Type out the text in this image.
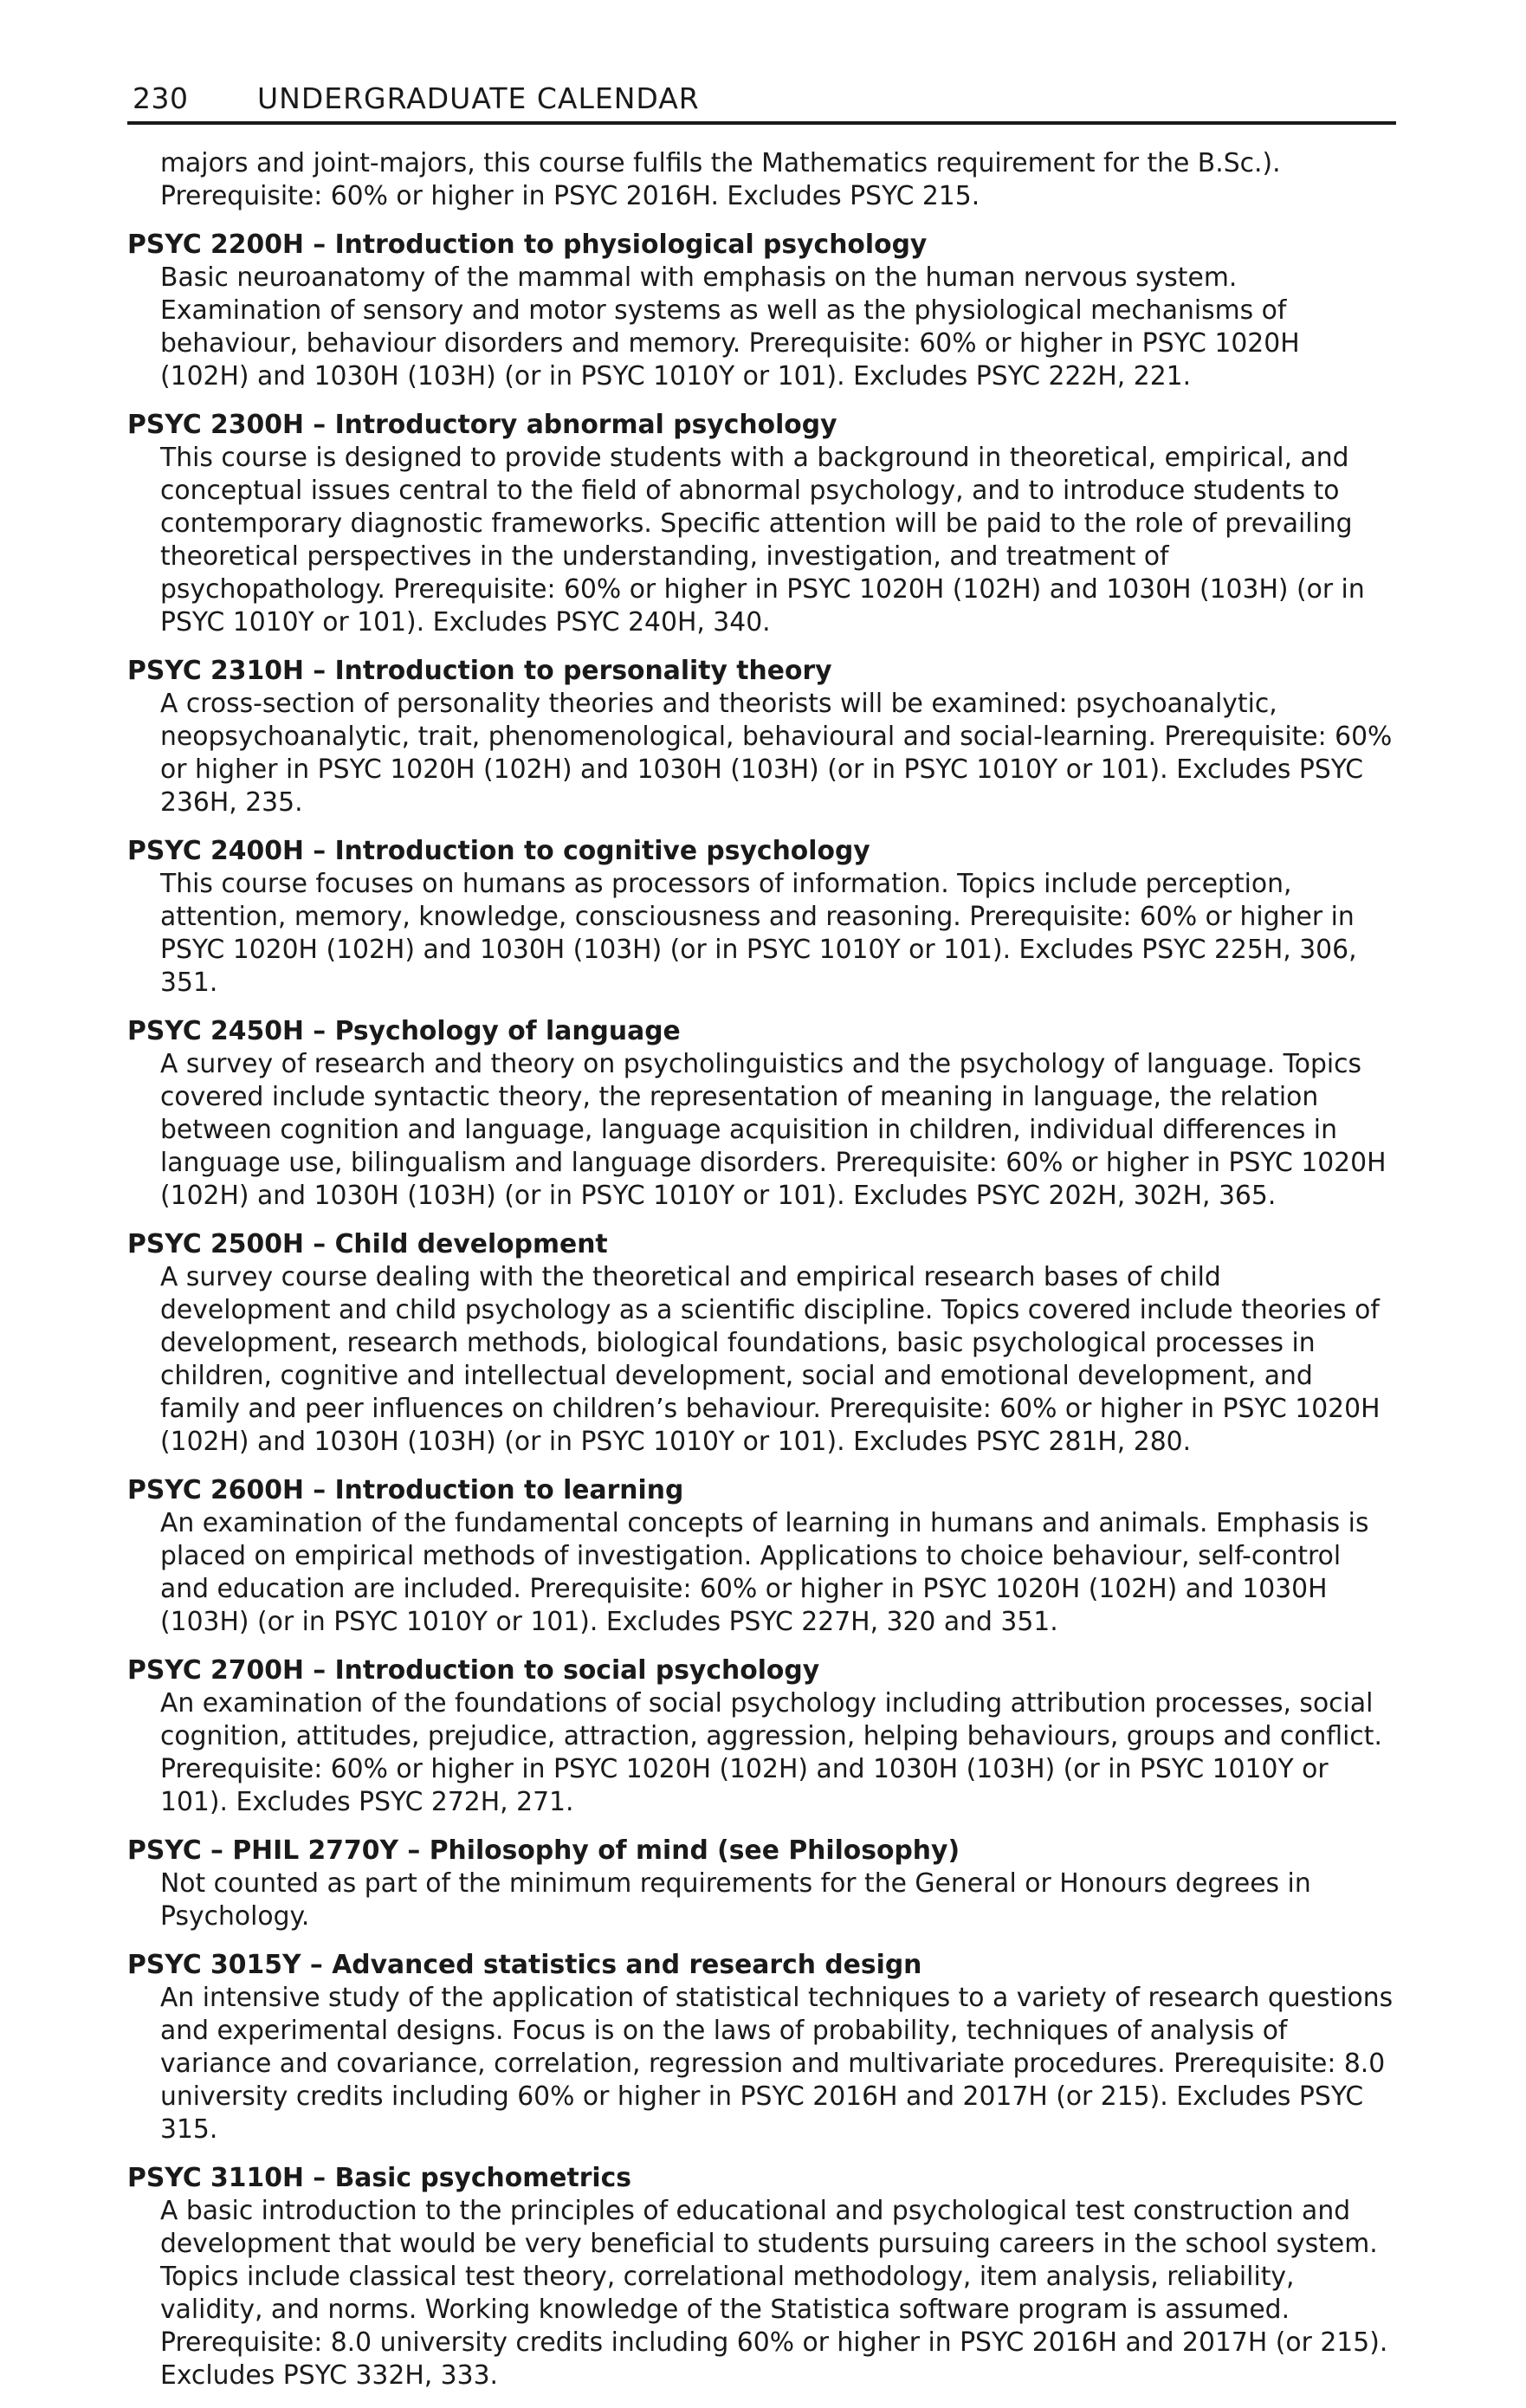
230 UNDERGRADUATE CALENDAR

majors and joint-majors, this course fulfils the Mathematics requirement for the B.Sc.). Prerequisite: 60% or higher in PSYC 2016H. Excludes PSYC 215.

PSYC 2200H – Introduction to physiological psychology

Basic neuroanatomy of the mammal with emphasis on the human nervous system. Examination of sensory and motor systems as well as the physiological mechanisms of behaviour, behaviour disorders and memory. Prerequisite: 60% or higher in PSYC 1020H (102H) and 1030H (103H) (or in PSYC 1010Y or 101). Excludes PSYC 222H, 221.

PSYC 2300H – Introductory abnormal psychology

This course is designed to provide students with a background in theoretical, empirical, and conceptual issues central to the field of abnormal psychology, and to introduce students to contemporary diagnostic frameworks. Specific attention will be paid to the role of prevailing theoretical perspectives in the understanding, investigation, and treatment of psychopathology. Prerequisite: 60% or higher in PSYC 1020H (102H) and 1030H (103H) (or in PSYC 1010Y or 101). Excludes PSYC 240H, 340.

PSYC 2310H – Introduction to personality theory

A cross-section of personality theories and theorists will be examined: psychoanalytic, neopsychoanalytic, trait, phenomenological, behavioural and social-learning. Prerequisite: 60% or higher in PSYC 1020H (102H) and 1030H (103H) (or in PSYC 1010Y or 101). Excludes PSYC 236H, 235.

PSYC 2400H – Introduction to cognitive psychology

This course focuses on humans as processors of information. Topics include perception, attention, memory, knowledge, consciousness and reasoning. Prerequisite: 60% or higher in PSYC 1020H (102H) and 1030H (103H) (or in PSYC 1010Y or 101). Excludes PSYC 225H, 306, 351.

PSYC 2450H – Psychology of language

A survey of research and theory on psycholinguistics and the psychology of language. Topics covered include syntactic theory, the representation of meaning in language, the relation between cognition and language, language acquisition in children, individual differences in language use, bilingualism and language disorders. Prerequisite: 60% or higher in PSYC 1020H (102H) and 1030H (103H) (or in PSYC 1010Y or 101). Excludes PSYC 202H, 302H, 365.

PSYC 2500H – Child development

A survey course dealing with the theoretical and empirical research bases of child development and child psychology as a scientific discipline. Topics covered include theories of development, research methods, biological foundations, basic psychological processes in children, cognitive and intellectual development, social and emotional development, and family and peer influences on children’s behaviour. Prerequisite: 60% or higher in PSYC 1020H (102H) and 1030H (103H) (or in PSYC 1010Y or 101). Excludes PSYC 281H, 280.

PSYC 2600H – Introduction to learning

An examination of the fundamental concepts of learning in humans and animals. Emphasis is placed on empirical methods of investigation. Applications to choice behaviour, self-control and education are included. Prerequisite: 60% or higher in PSYC 1020H (102H) and 1030H (103H) (or in PSYC 1010Y or 101). Excludes PSYC 227H, 320 and 351.

PSYC 2700H – Introduction to social psychology

An examination of the foundations of social psychology including attribution processes, social cognition, attitudes, prejudice, attraction, aggression, helping behaviours, groups and conflict. Prerequisite: 60% or higher in PSYC 1020H (102H) and 1030H (103H) (or in PSYC 1010Y or 101). Excludes PSYC 272H, 271.

PSYC – PHIL 2770Y – Philosophy of mind (see Philosophy)

Not counted as part of the minimum requirements for the General or Honours degrees in Psychology.

PSYC 3015Y – Advanced statistics and research design

An intensive study of the application of statistical techniques to a variety of research questions and experimental designs. Focus is on the laws of probability, techniques of analysis of variance and covariance, correlation, regression and multivariate procedures. Prerequisite: 8.0 university credits including 60% or higher in PSYC 2016H and 2017H (or 215). Excludes PSYC 315.

PSYC 3110H – Basic psychometrics

A basic introduction to the principles of educational and psychological test construction and development that would be very beneficial to students pursuing careers in the school system. Topics include classical test theory, correlational methodology, item analysis, reliability, validity, and norms. Working knowledge of the Statistica software program is assumed. Prerequisite: 8.0 university credits including 60% or higher in PSYC 2016H and 2017H (or 215). Excludes PSYC 332H, 333.
